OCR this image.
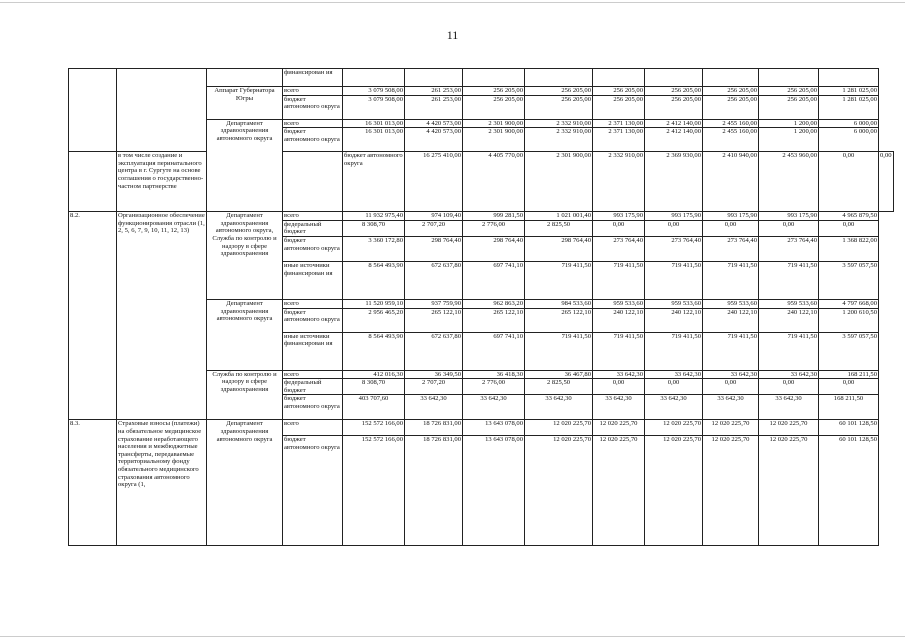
11
			финансирован ия										
		Аппарат Губернатора Югры	всего	3 079 508,00	261 253,00	256 205,00	256 205,00	256 205,00	256 205,00	256 205,00	256 205,00	1 281 025,00	
			бюджет автономного округа	3 079 508,00	261 253,00	256 205,00	256 205,00	256 205,00	256 205,00	256 205,00	256 205,00	1 281 025,00	
		Департамент здравоохранения автономного округа	всего	16 301 013,00	4 420 573,00	2 301 900,00	2 332 910,00	2 371 130,00	2 412 140,00	2 455 160,00	1 200,00	6 000,00	
			бюджет автономного округа	16 301 013,00	4 420 573,00	2 301 900,00	2 332 910,00	2 371 130,00	2 412 140,00	2 455 160,00	1 200,00	6 000,00	
	в том числе создание и эксплуатация перинатального центра в г. Сургуте на основе соглашения о государственно-частном партнерстве			бюджет автономного округа	16 275 410,00	4 405 770,00	2 301 900,00	2 332 910,00	2 369 930,00	2 410 940,00	2 453 960,00	0,00	0,00
8.2.	Организационное обеспечение функционирования отрасли (1, 2, 5, 6, 7, 9, 10, 11, 12, 13)	Департамент здравоохранения автономного округа, Служба по контролю и надзору в сфере здравоохранения	всего	11 932 975,40	974 109,40	999 281,50	1 021 001,40	993 175,90	993 175,90	993 175,90	993 175,90	4 965 879,50	
			федеральный бюджет	8 308,70	2 707,20	2 776,00	2 825,50	0,00	0,00	0,00	0,00	0,00	
			бюджет автономного округа	3 360 172,80	298 764,40	298 764,40	298 764,40	273 764,40	273 764,40	273 764,40	273 764,40	1 368 822,00	
			иные источники финансирован ия	8 564 493,90	672 637,80	697 741,10	719 411,50	719 411,50	719 411,50	719 411,50	719 411,50	3 597 057,50	
		Департамент здравоохранения автономного округа	всего	11 520 959,10	937 759,90	962 863,20	984 533,60	959 533,60	959 533,60	959 533,60	959 533,60	4 797 668,00	
			бюджет автономного округа	2 956 465,20	265 122,10	265 122,10	265 122,10	240 122,10	240 122,10	240 122,10	240 122,10	1 200 610,50	
			иные источники финансирован ия	8 564 493,90	672 637,80	697 741,10	719 411,50	719 411,50	719 411,50	719 411,50	719 411,50	3 597 057,50	
		Служба по контролю и надзору в сфере здравоохранения	всего	412 016,30	36 349,50	36 418,30	36 467,80	33 642,30	33 642,30	33 642,30	33 642,30	168 211,50	
			федеральный бюджет	8 308,70	2 707,20	2 776,00	2 825,50	0,00	0,00	0,00	0,00	0,00	
			бюджет автономного округа	403 707,60	33 642,30	33 642,30	33 642,30	33 642,30	33 642,30	33 642,30	33 642,30	168 211,50	
8.3.	Страховые взносы (платежи) на обязательное медицинское страхование неработающего населения и межбюджетные трансферты, передаваемые территориальному фонду обязательного медицинского страхования автономного округа (1,	Департамент здравоохранения автономного округа	всего	152 572 166,00	18 726 831,00	13 643 078,00	12 020 225,70	12 020 225,70	12 020 225,70	12 020 225,70	12 020 225,70	60 101 128,50	
			бюджет автономного округа	152 572 166,00	18 726 831,00	13 643 078,00	12 020 225,70	12 020 225,70	12 020 225,70	12 020 225,70	12 020 225,70	60 101 128,50	
